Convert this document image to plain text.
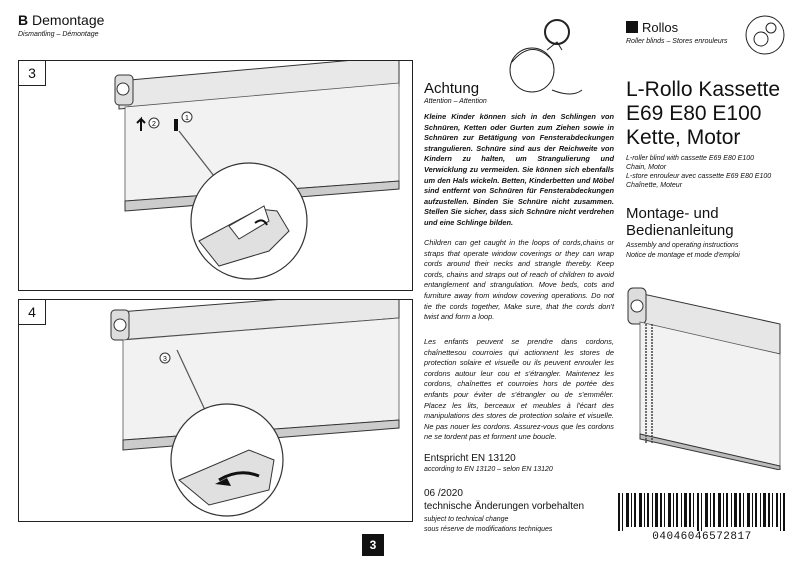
B Demontage
Dismantling – Démontage
3
2
1
4
3
Achtung
Attention – Attention
Kleine Kinder können sich in den Schlingen von Schnüren, Ketten oder Gurten zum Ziehen sowie in Schnüren zur Betätigung von Fensterabdeckungen strangulieren. Schnüre sind aus der Reichweite von Kindern zu halten, um Strangulierung und Verwicklung zu vermeiden. Sie können sich ebenfalls um den Hals wickeln. Betten, Kinderbetten und Möbel sind entfernt von Schnüren für Fensterabdeckungen aufzustellen. Binden Sie Schnüre nicht zusammen. Stellen Sie sicher, dass sich Schnüre nicht verdrehen und eine Schlinge bilden.
Children can get caught in the loops of cords,chains or straps that operate window coverings or they can wrap cords around their necks and strangle thereby. Keep cords, chains and straps out of reach of children to avoid entanglement and strangulation. Move beds, cots and furniture away from window covering operations. Do not tie the cords together, Make sure, that the cords don't twist and form a loop.
Les enfants peuvent se prendre dans cordons, chaînettesou courroies qui actionnent les stores de protection solaire et visuelle ou ils peuvent enrouler les cordons autour leur cou et s'étrangler. Maintenez les cordons, chaînettes et courroies hors de portée des enfants pour éviter de s'étrangler ou de s'emmêler. Placez les lits, berceaux et meubles à l'écart des manipulations des stores de protection solaire et visuelle. Ne pas nouer les cordons. Assurez-vous que les cordons ne se tordent pas et forment une boucle.
Entspricht EN 13120
according to EN 13120 – selon EN 13120
06 /2020
technische Änderungen vorbehalten
subject to technical change
sous réserve de modifications techniques
3
Rollos
Roller blinds – Stores enrouleurs
L-Rollo Kassette
E69 E80 E100
Kette, Motor
L-roller blind with cassette E69 E80 E100
Chain, Motor
L-store enrouleur avec cassette E69 E80 E100
Chaînette, Moteur
Montage- und
Bedienanleitung
Assembly and operating instructions
Notice de montage et mode d'emploi
04046046572817
